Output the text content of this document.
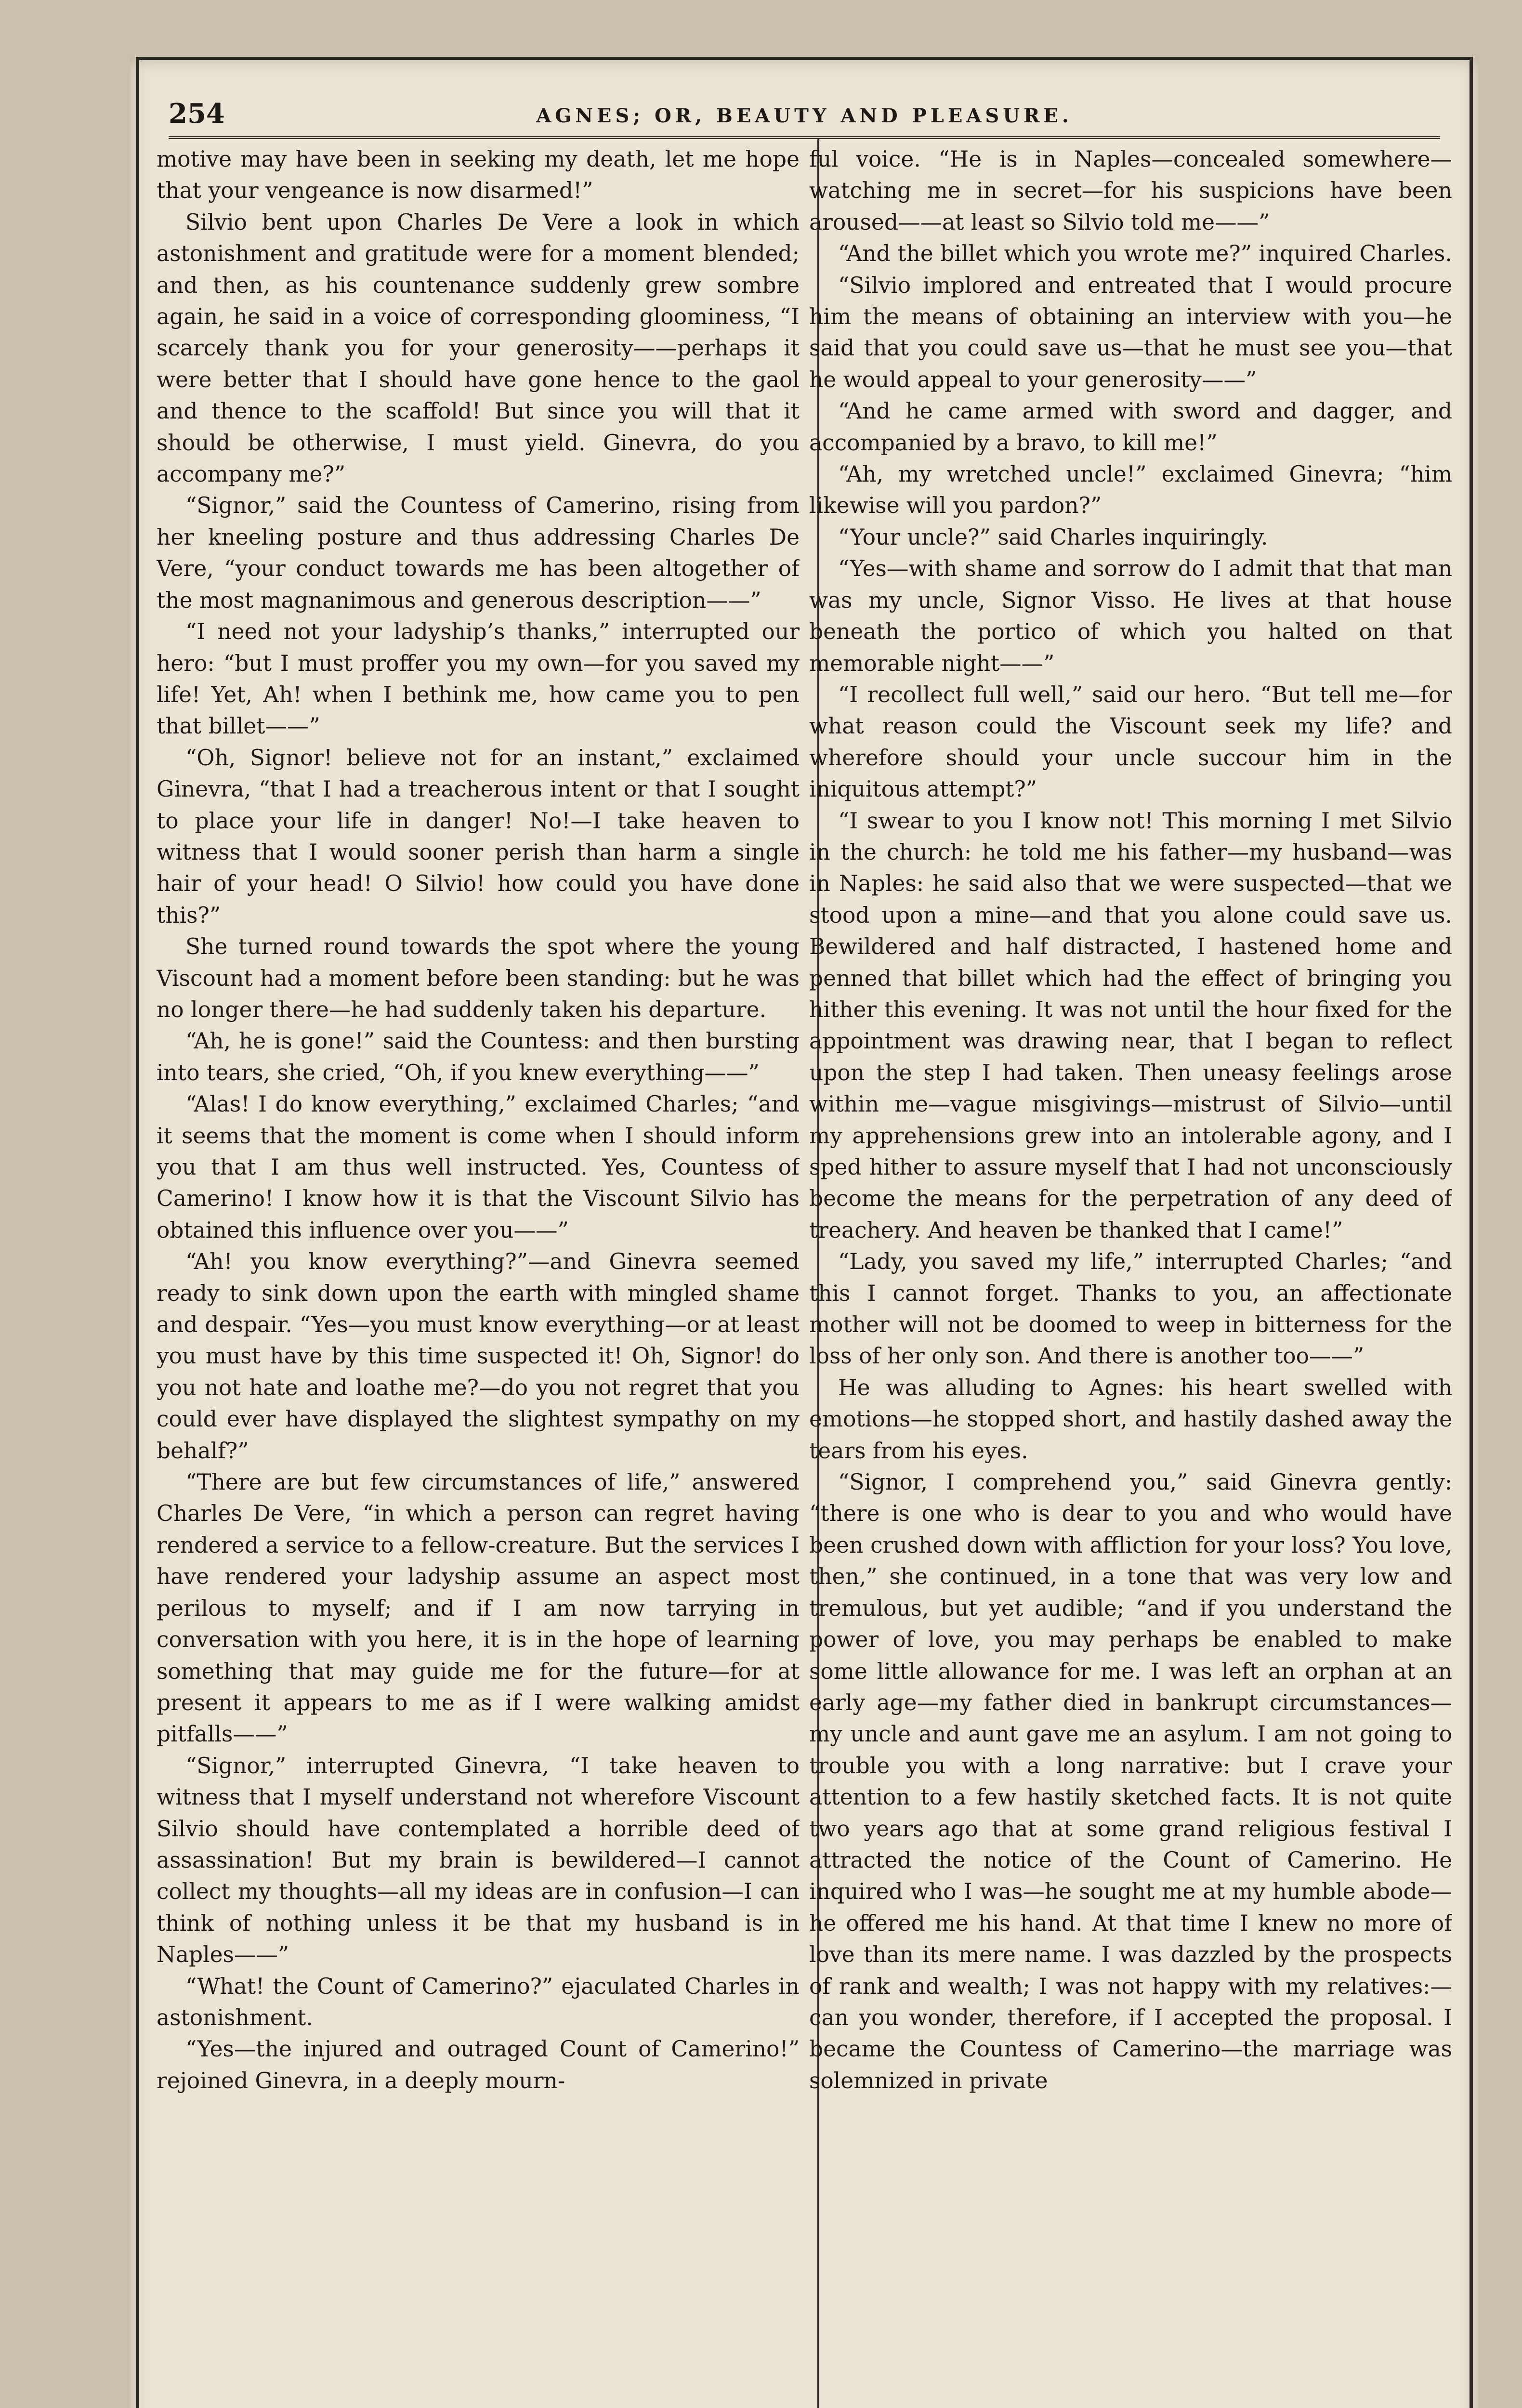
254	AGNES; OR, BEAUTY AND PLEASURE.

motive may have been in seeking my death, let me hope that your vengeance is now disarmed!”

Silvio bent upon Charles De Vere a look in which astonishment and gratitude were for a moment blended; and then, as his countenance suddenly grew sombre again, he said in a voice of corresponding gloominess, “I scarcely thank you for your generosity——perhaps it were better that I should have gone hence to the gaol and thence to the scaffold! But since you will that it should be otherwise, I must yield. Ginevra, do you accompany me?”

“Signor,” said the Countess of Camerino, rising from her kneeling posture and thus addressing Charles De Vere, “your conduct towards me has been altogether of the most magnanimous and generous description——”

“I need not your ladyship’s thanks,” interrupted our hero: “but I must proffer you my own—for you saved my life! Yet, Ah! when I bethink me, how came you to pen that billet——”

“Oh, Signor! believe not for an instant,” exclaimed Ginevra, “that I had a treacherous intent or that I sought to place your life in danger! No!—I take heaven to witness that I would sooner perish than harm a single hair of your head! O Silvio! how could you have done this?”

She turned round towards the spot where the young Viscount had a moment before been standing: but he was no longer there—he had suddenly taken his departure.

“Ah, he is gone!” said the Countess: and then bursting into tears, she cried, “Oh, if you knew everything——”

“Alas! I do know everything,” exclaimed Charles; “and it seems that the moment is come when I should inform you that I am thus well instructed. Yes, Countess of Camerino! I know how it is that the Viscount Silvio has obtained this influence over you——”

“Ah! you know everything?”—and Ginevra seemed ready to sink down upon the earth with mingled shame and despair. “Yes—you must know everything—or at least you must have by this time suspected it! Oh, Signor! do you not hate and loathe me?—do you not regret that you could ever have displayed the slightest sympathy on my behalf?”

“There are but few circumstances of life,” answered Charles De Vere, “in which a person can regret having rendered a service to a fellow-creature. But the services I have rendered your ladyship assume an aspect most perilous to myself; and if I am now tarrying in conversation with you here, it is in the hope of learning something that may guide me for the future—for at present it appears to me as if I were walking amidst pitfalls——”

“Signor,” interrupted Ginevra, “I take heaven to witness that I myself understand not wherefore Viscount Silvio should have contemplated a horrible deed of assassination! But my brain is bewildered—I cannot collect my thoughts—all my ideas are in confusion—I can think of nothing unless it be that my husband is in Naples——”

“What! the Count of Camerino?” ejaculated Charles in astonishment.

“Yes—the injured and outraged Count of Camerino!” rejoined Ginevra, in a deeply mourn-

ful voice. “He is in Naples—concealed somewhere—watching me in secret—for his suspicions have been aroused——at least so Silvio told me——”

“And the billet which you wrote me?” inquired Charles.

“Silvio implored and entreated that I would procure him the means of obtaining an interview with you—he said that you could save us—that he must see you—that he would appeal to your generosity——”

“And he came armed with sword and dagger, and accompanied by a bravo, to kill me!”

“Ah, my wretched uncle!” exclaimed Ginevra; “him likewise will you pardon?”

“Your uncle?” said Charles inquiringly.

“Yes—with shame and sorrow do I admit that that man was my uncle, Signor Visso. He lives at that house beneath the portico of which you halted on that memorable night——”

“I recollect full well,” said our hero. “But tell me—for what reason could the Viscount seek my life? and wherefore should your uncle succour him in the iniquitous attempt?”

“I swear to you I know not! This morning I met Silvio in the church: he told me his father—my husband—was in Naples: he said also that we were suspected—that we stood upon a mine—and that you alone could save us. Bewildered and half distracted, I hastened home and penned that billet which had the effect of bringing you hither this evening. It was not until the hour fixed for the appointment was drawing near, that I began to reflect upon the step I had taken. Then uneasy feelings arose within me—vague misgivings—mistrust of Silvio—until my apprehensions grew into an intolerable agony, and I sped hither to assure myself that I had not unconsciously become the means for the perpetration of any deed of treachery. And heaven be thanked that I came!”

“Lady, you saved my life,” interrupted Charles; “and this I cannot forget. Thanks to you, an affectionate mother will not be doomed to weep in bitterness for the loss of her only son. And there is another too——”

He was alluding to Agnes: his heart swelled with emotions—he stopped short, and hastily dashed away the tears from his eyes.

“Signor, I comprehend you,” said Ginevra gently: “there is one who is dear to you and who would have been crushed down with affliction for your loss? You love, then,” she continued, in a tone that was very low and tremulous, but yet audible; “and if you understand the power of love, you may perhaps be enabled to make some little allowance for me. I was left an orphan at an early age—my father died in bankrupt circumstances—my uncle and aunt gave me an asylum. I am not going to trouble you with a long narrative: but I crave your attention to a few hastily sketched facts. It is not quite two years ago that at some grand religious festival I attracted the notice of the Count of Camerino. He inquired who I was—he sought me at my humble abode—he offered me his hand. At that time I knew no more of love than its mere name. I was dazzled by the prospects of rank and wealth; I was not happy with my relatives:—can you wonder, therefore, if I accepted the proposal. I became the Countess of Camerino—the marriage was solemnized in private
